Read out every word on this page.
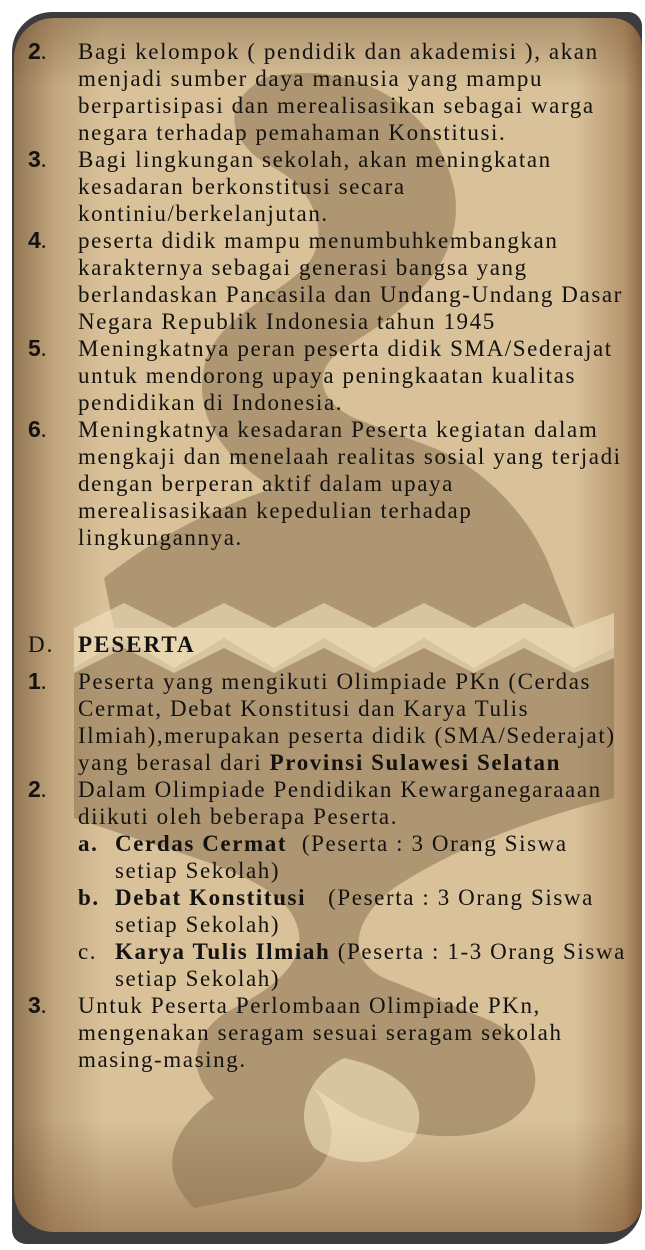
2.	Bagi kelompok ( pendidik dan akademisi ), akan menjadi sumber daya manusia yang mampu berpartisipasi dan merealisasikan sebagai warga negara terhadap pemahaman Konstitusi.
3.	Bagi lingkungan sekolah, akan meningkatan kesadaran berkonstitusi secara kontiniu/berkelanjutan.
4.	peserta didik mampu menumbuhkembangkan karakternya sebagai generasi bangsa yang berlandaskan Pancasila dan Undang-Undang Dasar Negara Republik Indonesia tahun 1945
5.	Meningkatnya peran peserta didik SMA/Sederajat untuk mendorong upaya peningkaatan kualitas pendidikan di Indonesia.
6.	Meningkatnya kesadaran Peserta kegiatan dalam mengkaji dan menelaah realitas sosial yang terjadi dengan berperan aktif dalam upaya merealisasikaan kepedulian terhadap lingkungannya.
D. PESERTA
1.	Peserta yang mengikuti Olimpiade PKn (Cerdas Cermat, Debat Konstitusi dan Karya Tulis Ilmiah),merupakan peserta didik (SMA/Sederajat) yang berasal dari Provinsi Sulawesi Selatan
2.	Dalam Olimpiade Pendidikan Kewarganegaraaan diikuti oleh beberapa Peserta.
a. Cerdas Cermat  (Peserta : 3 Orang Siswa setiap Sekolah)
b. Debat Konstitusi   (Peserta : 3 Orang Siswa setiap Sekolah)
c. Karya Tulis Ilmiah (Peserta : 1-3 Orang Siswa setiap Sekolah)
3.	Untuk Peserta Perlombaan Olimpiade PKn, mengenakan seragam sesuai seragam sekolah masing-masing.
